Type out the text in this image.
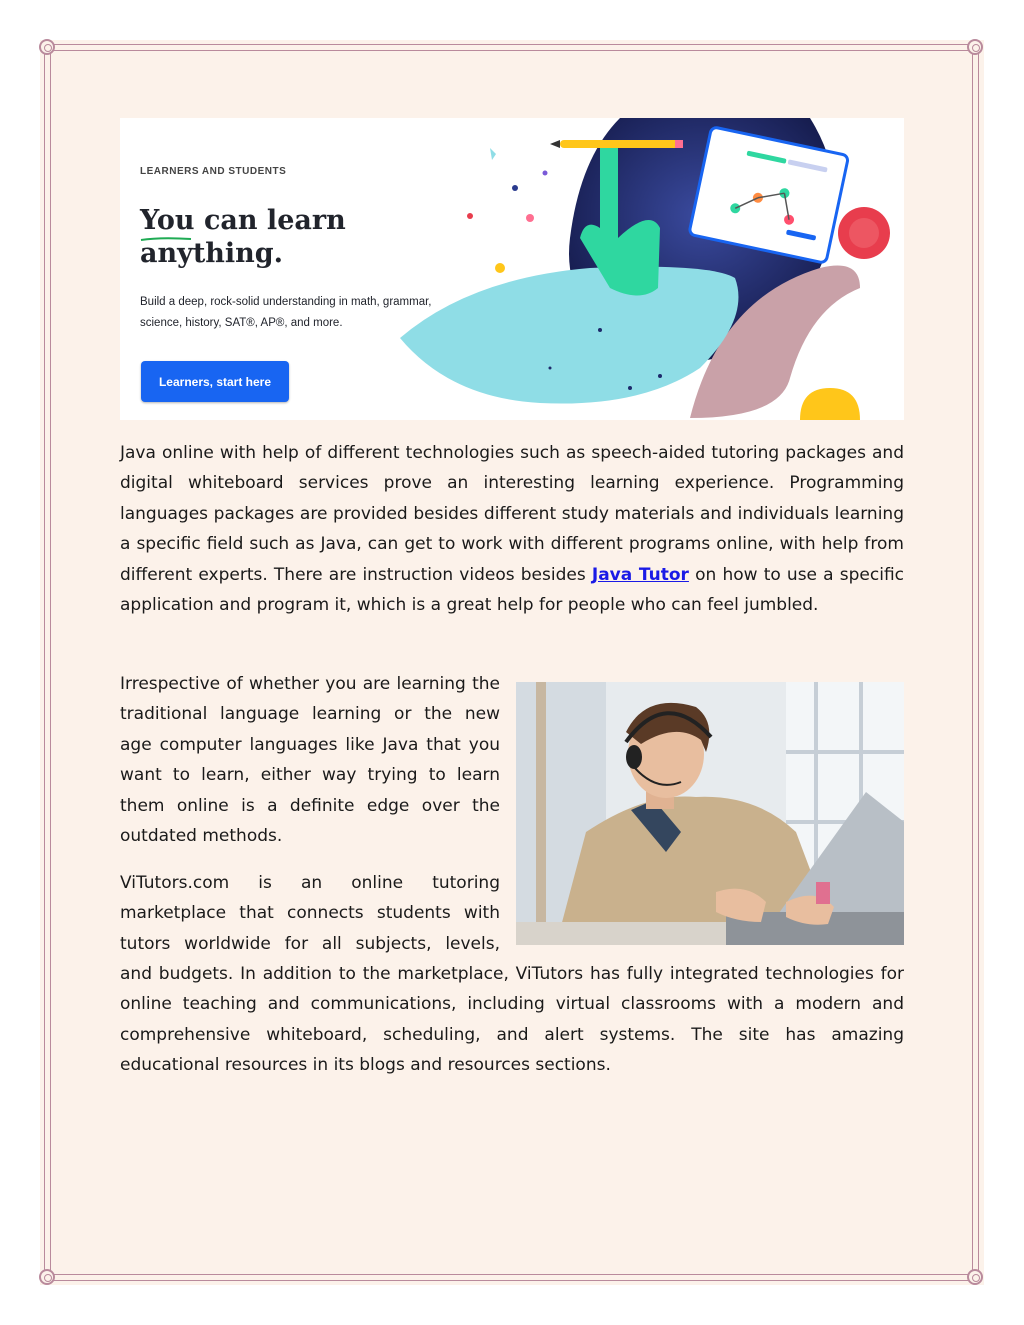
LEARNERS AND STUDENTS
You can learn
anything.
Build a deep, rock-solid understanding in math, grammar, science, history, SAT®, AP®, and more.
Learners, start here

Java online with help of different technologies such as speech-aided tutoring packages and digital whiteboard services prove an interesting learning experience. Programming languages packages are provided besides different study materials and individuals learning a specific field such as Java, can get to work with different programs online, with help from different experts. There are instruction videos besides Java Tutor on how to use a specific application and program it, which is a great help for people who can feel jumbled.

Irrespective of whether you are learning the traditional language learning or the new age computer languages like Java that you want to learn, either way trying to learn them online is a definite edge over the outdated methods.

ViTutors.com is an online tutoring marketplace that connects students with tutors worldwide for all subjects, levels,

and budgets. In addition to the marketplace, ViTutors has fully integrated technologies for online teaching and communications, including virtual classrooms with a modern and comprehensive whiteboard, scheduling, and alert systems. The site has amazing educational resources in its blogs and resources sections.
